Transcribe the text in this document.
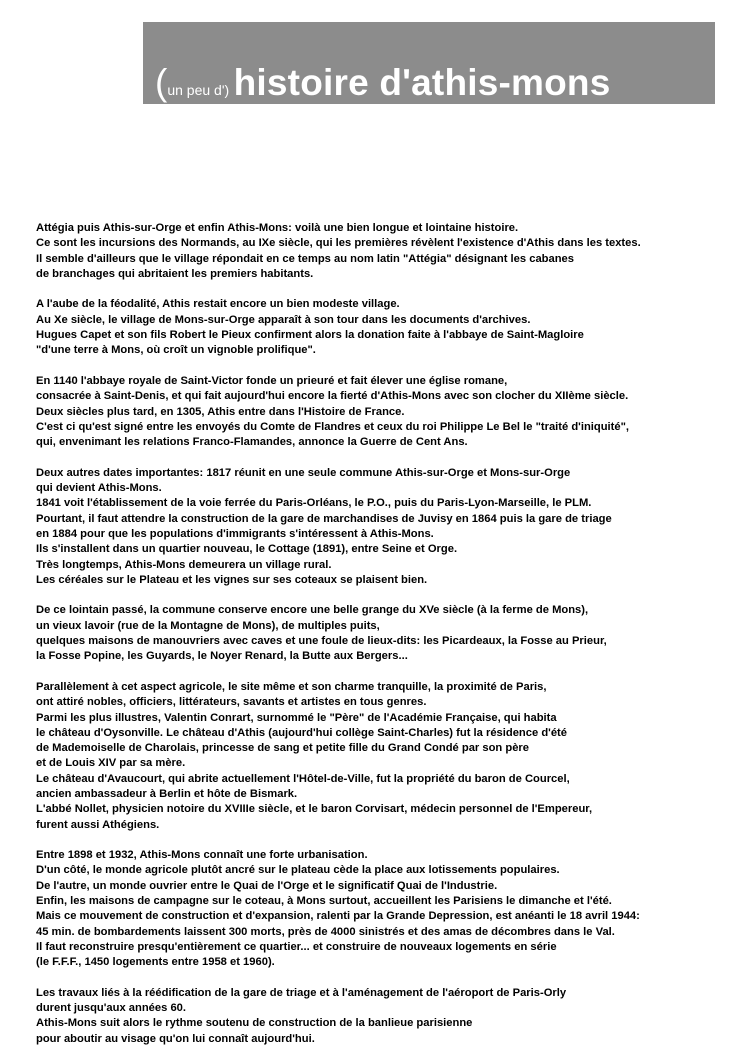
(un peu d') histoire d'athis-mons
Attégia puis Athis-sur-Orge et enfin Athis-Mons: voilà une bien longue et lointaine histoire.
Ce sont les incursions des Normands, au IXe siècle, qui les premières révèlent l'existence d'Athis dans les textes.
Il semble d'ailleurs que le village répondait en ce temps au nom latin "Attégia" désignant les cabanes
de branchages qui abritaient les premiers habitants.
A l'aube de la féodalité, Athis restait encore un bien modeste village.
Au Xe siècle, le village de Mons-sur-Orge apparaît à son tour dans les documents d'archives.
Hugues Capet et son fils Robert le Pieux confirment alors la donation faite à l'abbaye de Saint-Magloire
"d'une terre à Mons, où croît un vignoble prolifique".
En 1140 l'abbaye royale de Saint-Victor fonde un prieuré et fait élever une église romane,
consacrée à Saint-Denis, et qui fait aujourd'hui encore la fierté d'Athis-Mons avec son clocher du XIIème siècle.
Deux siècles plus tard, en 1305, Athis entre dans l'Histoire de France.
C'est ci qu'est signé entre les envoyés du Comte de Flandres et ceux du roi Philippe Le Bel le "traité d'iniquité",
qui, envenimant les relations Franco-Flamandes, annonce la Guerre de Cent Ans.
Deux autres dates importantes: 1817 réunit en une seule commune Athis-sur-Orge et Mons-sur-Orge
qui devient Athis-Mons.
1841 voit l'établissement de la voie ferrée du Paris-Orléans, le P.O., puis du Paris-Lyon-Marseille, le PLM.
Pourtant, il faut attendre la construction de la gare de marchandises de Juvisy en 1864 puis la gare de triage
en 1884 pour que les populations d'immigrants s'intéressent à Athis-Mons.
Ils s'installent dans un quartier nouveau, le Cottage (1891), entre Seine et Orge.
Très longtemps, Athis-Mons demeurera un village rural.
Les céréales sur le Plateau et les vignes sur ses coteaux se plaisent bien.
De ce lointain passé, la commune conserve encore une belle grange du XVe siècle (à la ferme de Mons),
un vieux lavoir (rue de la Montagne de Mons), de multiples puits,
quelques maisons de manouvriers avec caves et une foule de lieux-dits: les Picardeaux, la Fosse au Prieur,
la Fosse Popine, les Guyards, le Noyer Renard, la Butte aux Bergers...
Parallèlement à cet aspect agricole, le site même et son charme tranquille, la proximité de Paris,
ont attiré nobles, officiers, littérateurs, savants et artistes en tous genres.
Parmi les plus illustres, Valentin Conrart, surnommé le "Père" de l'Académie Française, qui habita
le château d'Oysonville. Le château d'Athis (aujourd'hui collège Saint-Charles) fut la résidence d'été
de Mademoiselle de Charolais, princesse de sang et petite fille du Grand Condé par son père
et de Louis XIV par sa mère.
Le château d'Avaucourt, qui abrite actuellement l'Hôtel-de-Ville, fut la propriété du baron de Courcel,
ancien ambassadeur à Berlin et hôte de Bismark.
L'abbé Nollet, physicien notoire du XVIIIe siècle, et le baron Corvisart, médecin personnel de l'Empereur,
furent aussi Athégiens.
Entre 1898 et 1932, Athis-Mons connaît une forte urbanisation.
D'un côté, le monde agricole plutôt ancré sur le plateau cède la place aux lotissements populaires.
De l'autre, un monde ouvrier entre le Quai de l'Orge et le significatif Quai de l'Industrie.
Enfin, les maisons de campagne sur le coteau, à Mons surtout, accueillent les Parisiens le dimanche et l'été.
Mais ce mouvement de construction et d'expansion, ralenti par la Grande Depression, est anéanti le 18 avril 1944:
45 min. de bombardements laissent 300 morts, près de 4000 sinistrés et des amas de décombres dans le Val.
Il faut reconstruire presqu'entièrement ce quartier... et construire de nouveaux logements en série
(le F.F.F., 1450 logements entre 1958 et 1960).
Les travaux liés à la réédification de la gare de triage et à l'aménagement de l'aéroport de Paris-Orly
durent jusqu'aux années 60.
Athis-Mons suit alors le rythme soutenu de construction de la banlieue parisienne
pour aboutir au visage qu'on lui connaît aujourd'hui.
